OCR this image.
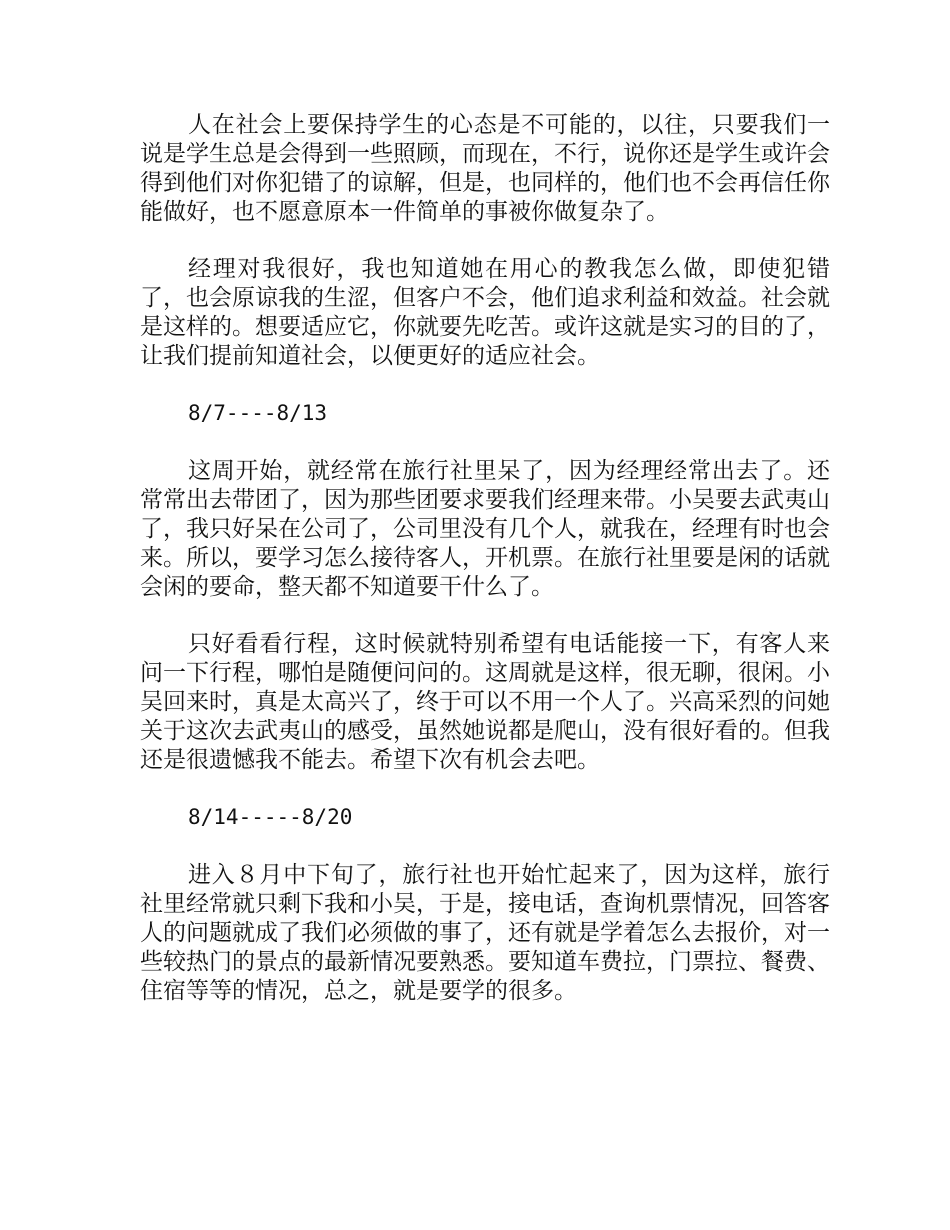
人在社会上要保持学生的心态是不可能的，以往，只要我们一说是学生总是会得到一些照顾，而现在，不行，说你还是学生或许会得到他们对你犯错了的谅解，但是，也同样的，他们也不会再信任你能做好，也不愿意原本一件简单的事被你做复杂了。

经理对我很好，我也知道她在用心的教我怎么做，即使犯错了，也会原谅我的生涩，但客户不会，他们追求利益和效益。社会就是这样的。想要适应它，你就要先吃苦。或许这就是实习的目的了，让我们提前知道社会，以便更好的适应社会。

8/7----8/13

这周开始，就经常在旅行社里呆了，因为经理经常出去了。还常常出去带团了，因为那些团要求要我们经理来带。小吴要去武夷山了，我只好呆在公司了，公司里没有几个人，就我在，经理有时也会来。所以，要学习怎么接待客人，开机票。在旅行社里要是闲的话就会闲的要命，整天都不知道要干什么了。

只好看看行程，这时候就特别希望有电话能接一下，有客人来问一下行程，哪怕是随便问问的。这周就是这样，很无聊，很闲。小吴回来时，真是太高兴了，终于可以不用一个人了。兴高采烈的问她关于这次去武夷山的感受，虽然她说都是爬山，没有很好看的。但我还是很遗憾我不能去。希望下次有机会去吧。

8/14-----8/20

进入８月中下旬了，旅行社也开始忙起来了，因为这样，旅行社里经常就只剩下我和小吴，于是，接电话，查询机票情况，回答客人的问题就成了我们必须做的事了，还有就是学着怎么去报价，对一些较热门的景点的最新情况要熟悉。要知道车费拉，门票拉、餐费、住宿等等的情况，总之，就是要学的很多。
